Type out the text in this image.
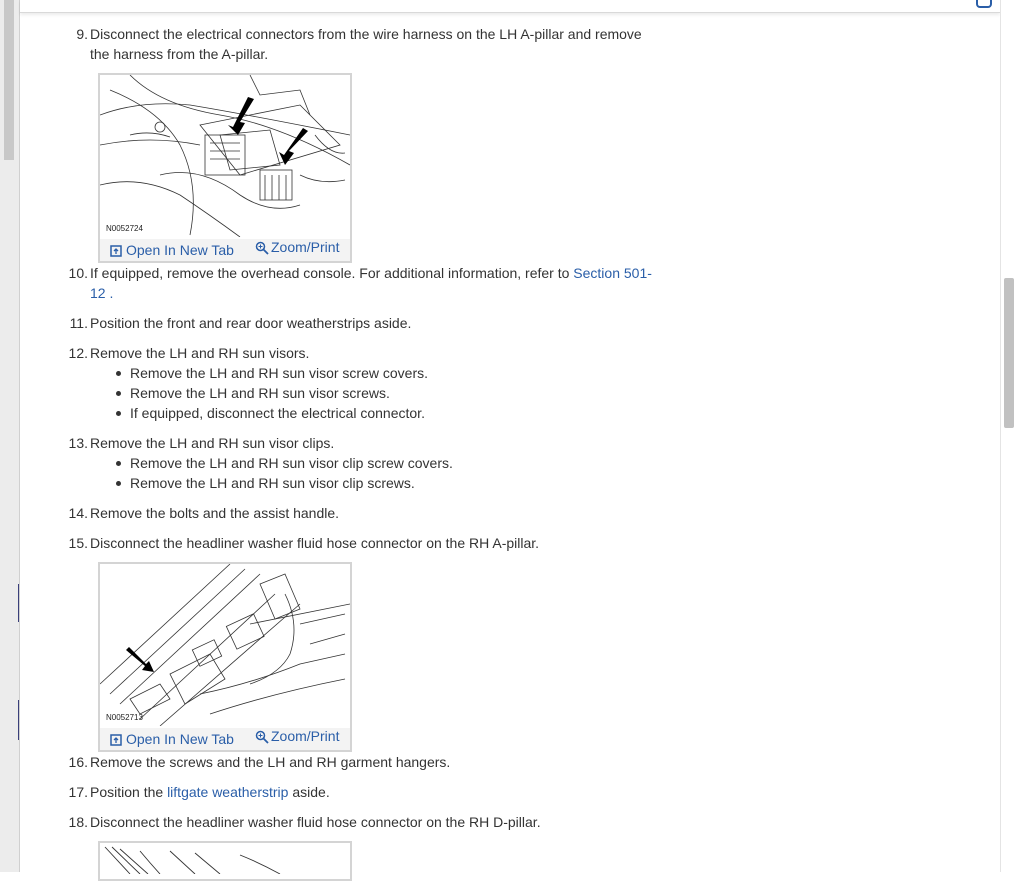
9. Disconnect the electrical connectors from the wire harness on the LH A-pillar and remove
the harness from the A-pillar.
N0052724
Open In New Tab	Zoom/Print
10. If equipped, remove the overhead console. For additional information, refer to Section 501-
12 .
11. Position the front and rear door weatherstrips aside.
12. Remove the LH and RH sun visors.
Remove the LH and RH sun visor screw covers.
Remove the LH and RH sun visor screws.
If equipped, disconnect the electrical connector.
13. Remove the LH and RH sun visor clips.
Remove the LH and RH sun visor clip screw covers.
Remove the LH and RH sun visor clip screws.
14. Remove the bolts and the assist handle.
15. Disconnect the headliner washer fluid hose connector on the RH A-pillar.
N0052713
Open In New Tab	Zoom/Print
16. Remove the screws and the LH and RH garment hangers.
17. Position the liftgate weatherstrip aside.
18. Disconnect the headliner washer fluid hose connector on the RH D-pillar.
